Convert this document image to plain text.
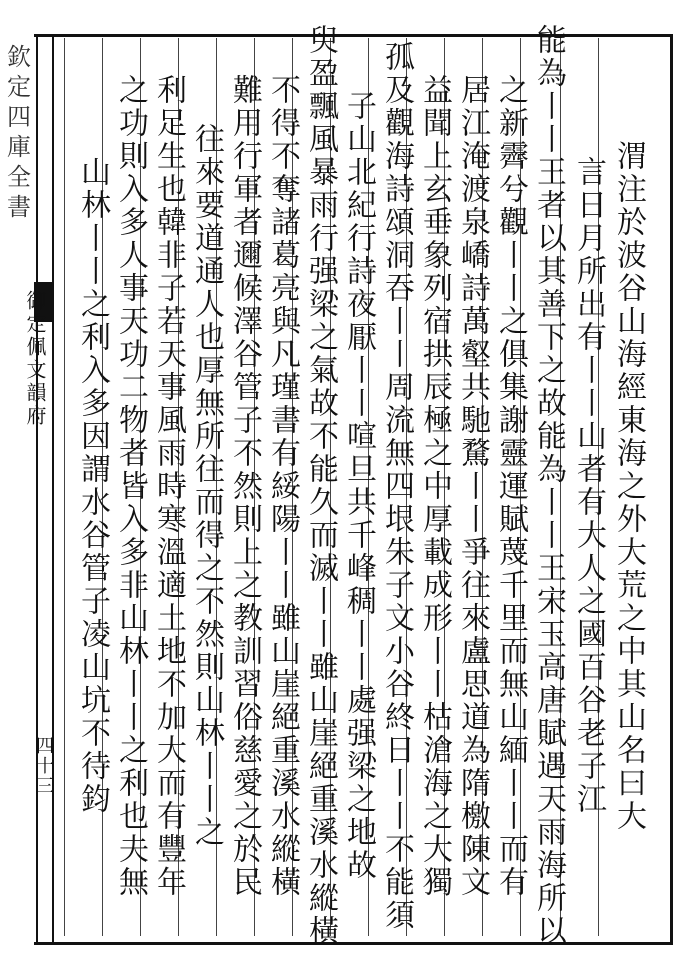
欽定四庫全書
御定佩文韻府
四十三	渭注於波谷山海經東海之外大荒之中其山名曰大
言日月所出有丨丨山者有大人之國百谷老子江
能為丨丨王者以其善下之故能為丨丨王宋玉高唐賦遇天雨海所以
之新霽兮觀丨丨之俱集謝靈運賦蔑千里而無山緬丨丨而有
居江淹渡泉嶠詩萬壑共馳騖丨丨爭往來盧思道為隋檄陳文
益聞上玄垂象列宿拱辰極之中厚載成形丨丨枯滄海之大獨
孤及觀海詩頌洞吞丨丨周流無四垠朱子文小谷終日丨丨不能須
子山北紀行詩夜厭丨丨喧旦共千峰稠丨丨處强梁之地故
臾盈飄風暴雨行强梁之氣故不能久而滅丨丨雖山崖絕重溪水縱橫
不得不奪諸葛亮與凡瑾書有綏陽丨丨雖山崖絕重溪水縱橫
難用行軍者邇候澤谷管子不然則上之教訓習俗慈愛之於民
往來要道通人也厚無所往而得之不然則山林丨丨之
利足生也韓非子若天事風雨時寒溫適土地不加大而有豐年
之功則入多人事天功二物者皆入多非山林丨丨之利也夫無
山林丨丨之利入多因謂水谷管子凌山坑不待鈞
